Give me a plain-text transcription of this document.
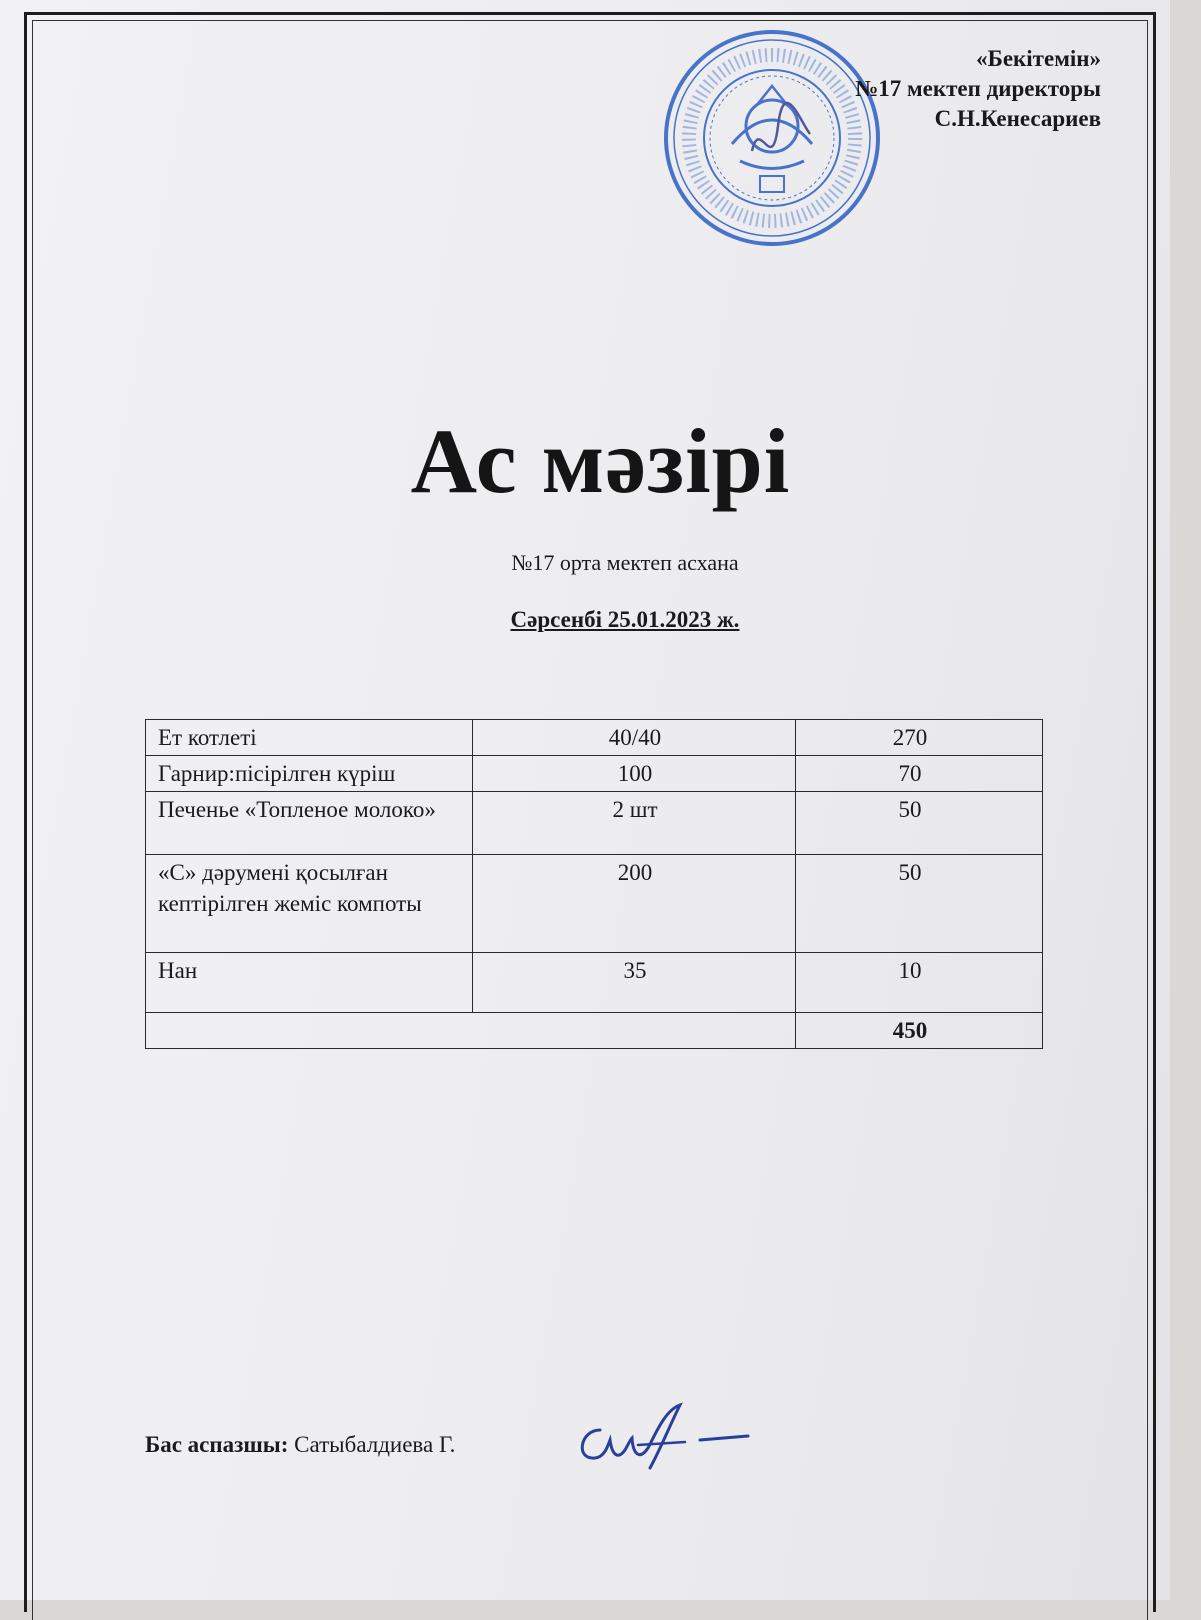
«Бекітемін»
№17 мектеп директоры
С.Н.Кенесариев
Ас мәзірі
№17 орта мектеп асхана
Сәрсенбі 25.01.2023 ж.
Ет котлеті	40/40	270
Гарнир:пісірілген күріш	100	70
Печенье «Топленое молоко»	2 шт	50
«С» дәрумені қосылған кептірілген жеміс компоты	200	50
Нан	35	10
		450
Бас аспазшы: Сатыбалдиева Г.
